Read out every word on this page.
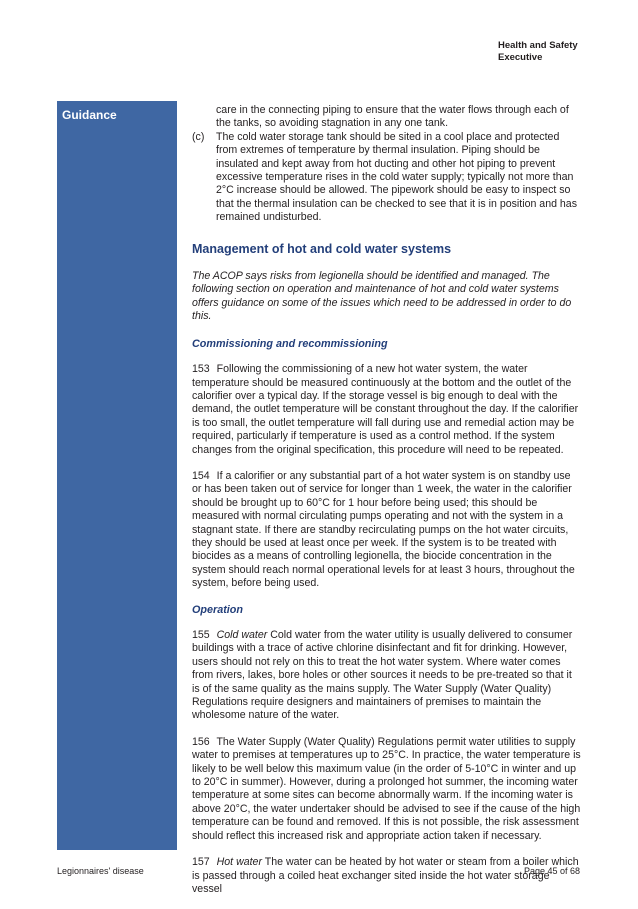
Health and Safety
Executive
Guidance	care in the connecting piping to ensure that the water flows through each of the tanks, so avoiding stagnation in any one tank.
(c)	The cold water storage tank should be sited in a cool place and protected from extremes of temperature by thermal insulation. Piping should be insulated and kept away from hot ducting and other hot piping to prevent excessive temperature rises in the cold water supply; typically not more than 2°C increase should be allowed. The pipework should be easy to inspect so that the thermal insulation can be checked to see that it is in position and has remained undisturbed.
Management of hot and cold water systems

The ACOP says risks from legionella should be identified and managed. The following section on operation and maintenance of hot and cold water systems offers guidance on some of the issues which need to be addressed in order to do this.

Commissioning and recommissioning

153 Following the commissioning of a new hot water system, the water temperature should be measured continuously at the bottom and the outlet of the calorifier over a typical day. If the storage vessel is big enough to deal with the demand, the outlet temperature will be constant throughout the day. If the calorifier is too small, the outlet temperature will fall during use and remedial action may be required, particularly if temperature is used as a control method. If the system changes from the original specification, this procedure will need to be repeated.

154 If a calorifier or any substantial part of a hot water system is on standby use or has been taken out of service for longer than 1 week, the water in the calorifier should be brought up to 60°C for 1 hour before being used; this should be measured with normal circulating pumps operating and not with the system in a stagnant state. If there are standby recirculating pumps on the hot water circuits, they should be used at least once per week. If the system is to be treated with biocides as a means of controlling legionella, the biocide concentration in the system should reach normal operational levels for at least 3 hours, throughout the system, before being used.

Operation

155 Cold water Cold water from the water utility is usually delivered to consumer buildings with a trace of active chlorine disinfectant and fit for drinking. However, users should not rely on this to treat the hot water system. Where water comes from rivers, lakes, bore holes or other sources it needs to be pre-treated so that it is of the same quality as the mains supply. The Water Supply (Water Quality) Regulations require designers and maintainers of premises to maintain the wholesome nature of the water.

156 The Water Supply (Water Quality) Regulations permit water utilities to supply water to premises at temperatures up to 25°C. In practice, the water temperature is likely to be well below this maximum value (in the order of 5-10°C in winter and up to 20°C in summer). However, during a prolonged hot summer, the incoming water temperature at some sites can become abnormally warm. If the incoming water is above 20°C, the water undertaker should be advised to see if the cause of the high temperature can be found and removed. If this is not possible, the risk assessment should reflect this increased risk and appropriate action taken if necessary.

157 Hot water The water can be heated by hot water or steam from a boiler which is passed through a coiled heat exchanger sited inside the hot water storage vessel

Legionnaires' disease	Page 45 of 68
